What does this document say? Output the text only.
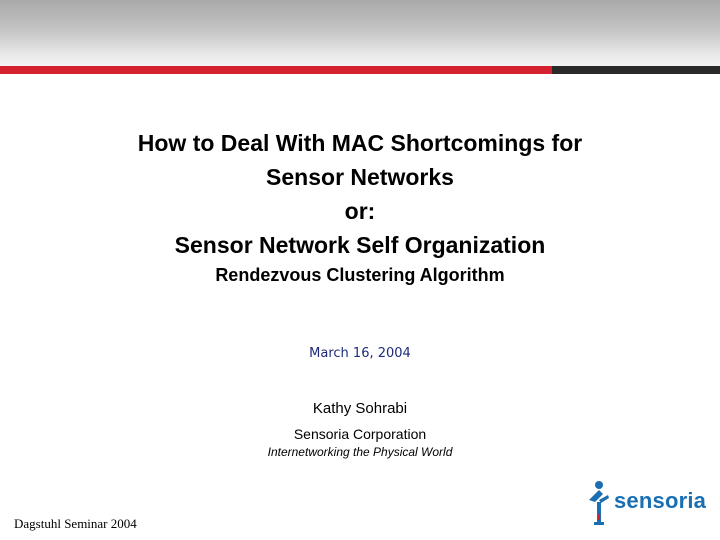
How to Deal With MAC Shortcomings for
Sensor Networks
or:
Sensor Network Self Organization
Rendezvous Clustering Algorithm
March 16, 2004
Kathy Sohrabi
Sensoria Corporation
Internetworking the Physical World
Dagstuhl Seminar 2004
sensoria
